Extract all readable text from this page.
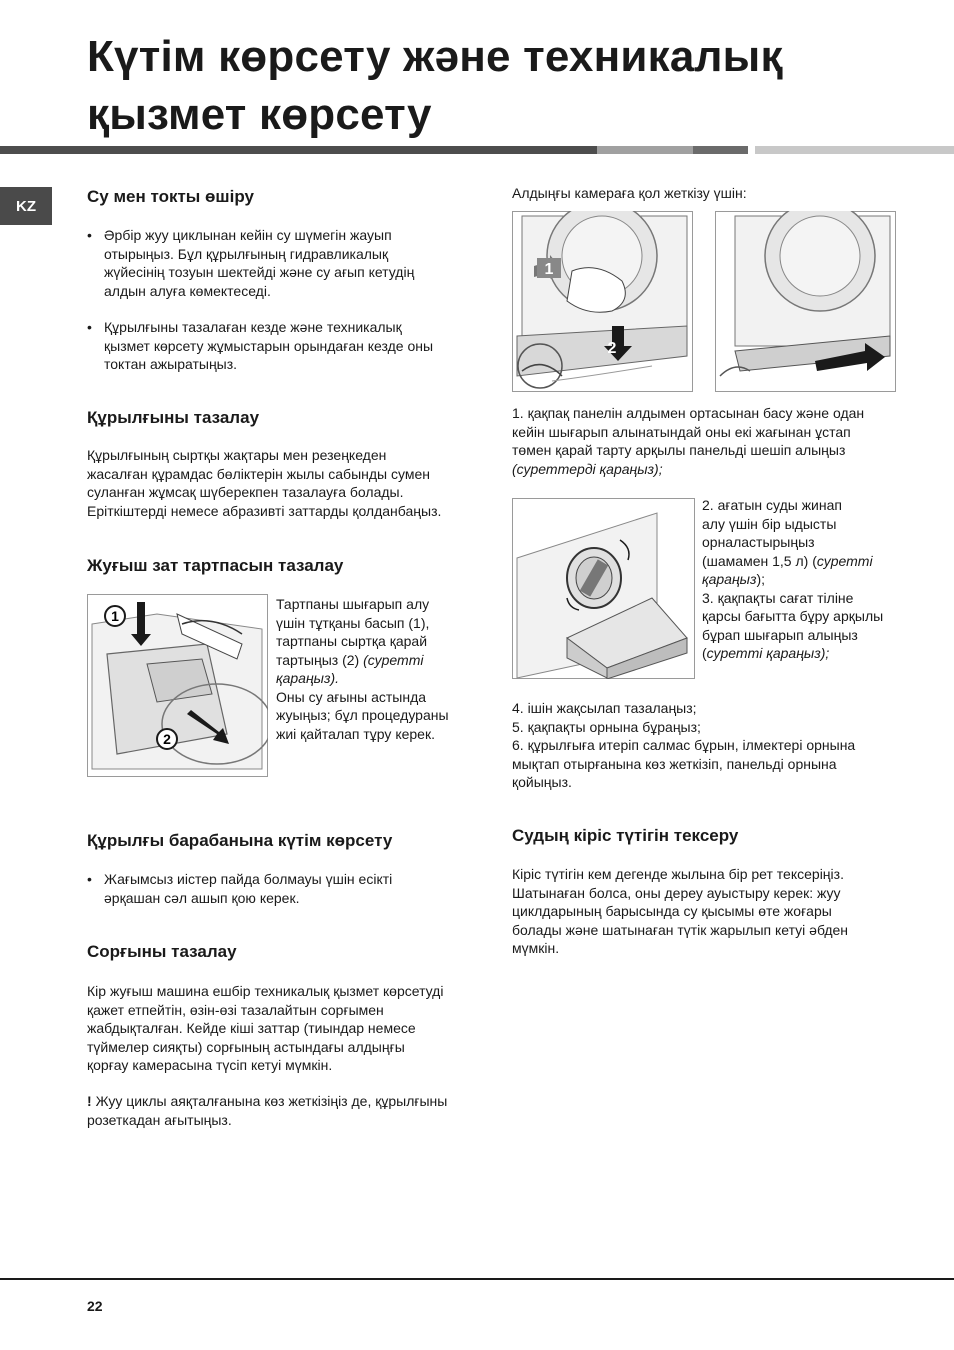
Күтім көрсету және техникалық
қызмет көрсету
KZ	Су мен токты өшіру
• Әрбір жуу циклынан кейін су шүмегін жауып
отырыңыз. Бұл құрылғының гидравликалық
жүйесінің тозуын шектейді және су ағып кетудің
алдын алуға көмектеседі.
• Құрылғыны тазалаған кезде және техникалық
қызмет көрсету жұмыстарын орындаған кезде оны
токтан ажыратыңыз.
Құрылғыны тазалау
Құрылғының сыртқы жақтары мен резеңкеден
жасалған құрамдас бөліктерін жылы сабынды сумен
суланған жұмсақ шүберекпен тазалауға болады.
Еріткіштерді немесе абразивті заттарды қолданбаңыз.
Жуғыш зат тартпасын тазалау
1
2
Тартпаны шығарып алу
үшін тұтқаны басып (1),
тартпаны сыртқа қарай
тартыңыз (2) (суретті
қараңыз).
Оны су ағыны астында
жуыңыз; бұл процедураны
жиі қайталап тұру керек.
Құрылғы барабанына күтім көрсету
• Жағымсыз иістер пайда болмауы үшін есікті
әрқашан сәл ашып қою керек.
Сорғыны тазалау
Кір жуғыш машина ешбір техникалық қызмет көрсетуді
қажет етпейтін, өзін-өзі тазалайтын сорғымен
жабдықталған. Кейде кіші заттар (тиындар немесе
түймелер сияқты) сорғының астындағы алдыңғы
қорғау камерасына түсіп кетуі мүмкін.
! Жуу циклы аяқталғанына көз жеткізіңіз де, құрылғыны
розеткадан ағытыңыз.
Алдыңғы камераға қол жеткізу үшін:
1
2
1. қақпақ панелін алдымен ортасынан басу және одан
кейін шығарып алынатындай оны екі жағынан ұстап
төмен қарай тарту арқылы панельді шешіп алыңыз
(суреттерді қараңыз);
2. ағатын суды жинап
алу үшін бір ыдысты
орналастырыңыз
(шамамен 1,5 л) (суретті
қараңыз);
3. қақпақты сағат тіліне
қарсы бағытта бұру арқылы
бұрап шығарып алыңыз
(суретті қараңыз);
4. ішін жақсылап тазалаңыз;
5. қақпақты орнына бұраңыз;
6. құрылғыға итеріп салмас бұрын, ілмектері орнына
мықтап отырғанына көз жеткізіп, панельді орнына
қойыңыз.
Судың кіріс түтігін тексеру
Кіріс түтігін кем дегенде жылына бір рет тексеріңіз.
Шатынаған болса, оны дереу ауыстыру керек: жуу
циклдарының барысында су қысымы өте жоғары
болады және шатынаған түтік жарылып кетуі әбден
мүмкін.
22
